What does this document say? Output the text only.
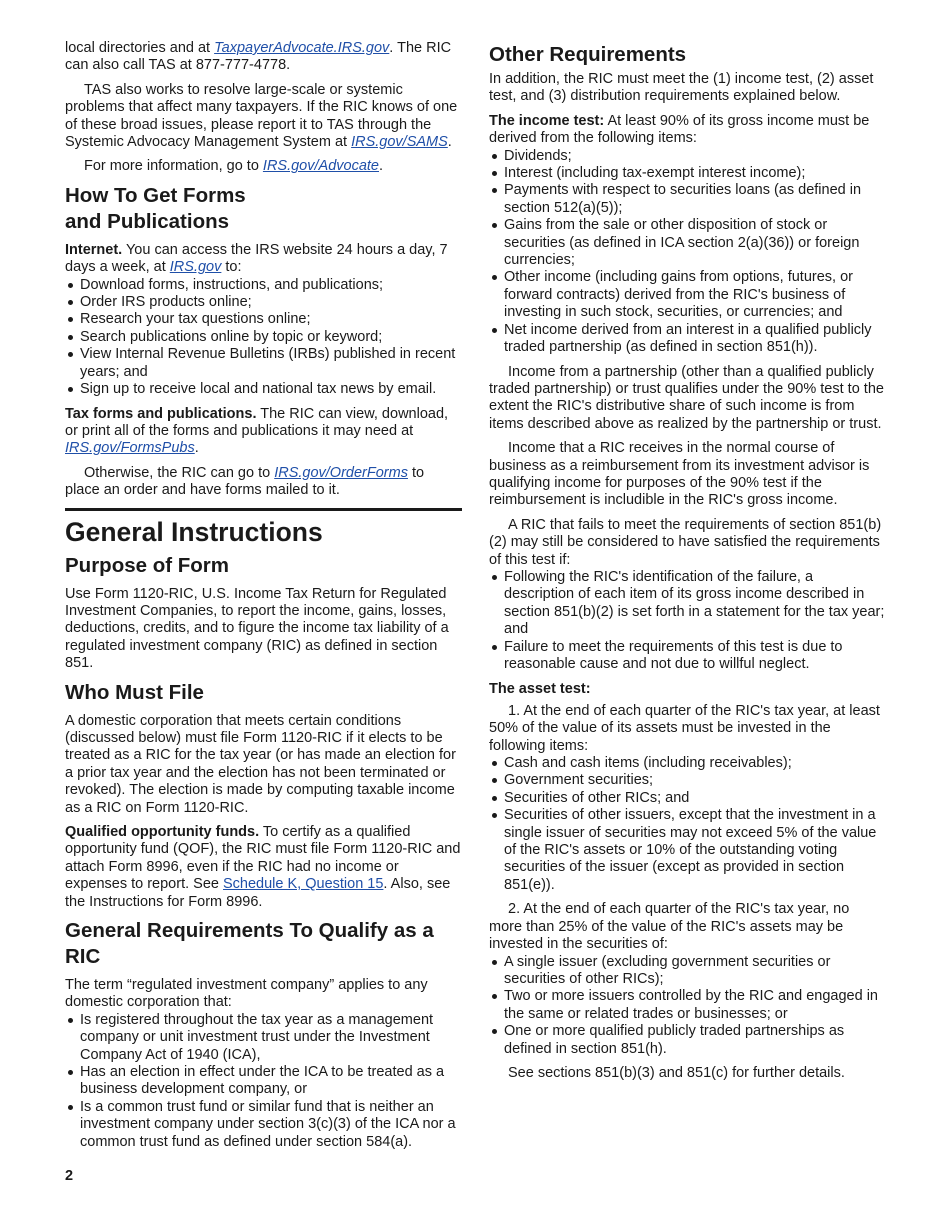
local directories and at TaxpayerAdvocate.IRS.gov. The RIC can also call TAS at 877-777-4778.

TAS also works to resolve large-scale or systemic problems that affect many taxpayers. If the RIC knows of one of these broad issues, please report it to TAS through the Systemic Advocacy Management System at IRS.gov/SAMS.

For more information, go to IRS.gov/Advocate.

How To Get Forms
and Publications

Internet. You can access the IRS website 24 hours a day, 7 days a week, at IRS.gov to:

Download forms, instructions, and publications;
Order IRS products online;
Research your tax questions online;
Search publications online by topic or keyword;
View Internal Revenue Bulletins (IRBs) published in recent years; and
Sign up to receive local and national tax news by email.

Tax forms and publications. The RIC can view, download, or print all of the forms and publications it may need at IRS.gov/FormsPubs.

Otherwise, the RIC can go to IRS.gov/OrderForms to place an order and have forms mailed to it.

General Instructions
Purpose of Form

Use Form 1120-RIC, U.S. Income Tax Return for Regulated Investment Companies, to report the income, gains, losses, deductions, credits, and to figure the income tax liability of a regulated investment company (RIC) as defined in section 851.

Who Must File

A domestic corporation that meets certain conditions (discussed below) must file Form 1120-RIC if it elects to be treated as a RIC for the tax year (or has made an election for a prior tax year and the election has not been terminated or revoked). The election is made by computing taxable income as a RIC on Form 1120-RIC.

Qualified opportunity funds. To certify as a qualified opportunity fund (QOF), the RIC must file Form 1120-RIC and attach Form 8996, even if the RIC had no income or expenses to report. See Schedule K, Question 15. Also, see the Instructions for Form 8996.

General Requirements To Qualify as a RIC

The term “regulated investment company” applies to any domestic corporation that:

Is registered throughout the tax year as a management company or unit investment trust under the Investment Company Act of 1940 (ICA),
Has an election in effect under the ICA to be treated as a business development company, or
Is a common trust fund or similar fund that is neither an investment company under section 3(c)(3) of the ICA nor a common trust fund as defined under section 584(a).
Other Requirements

In addition, the RIC must meet the (1) income test, (2) asset test, and (3) distribution requirements explained below.

The income test: At least 90% of its gross income must be derived from the following items:

Dividends;
Interest (including tax-exempt interest income);
Payments with respect to securities loans (as defined in section 512(a)(5));
Gains from the sale or other disposition of stock or securities (as defined in ICA section 2(a)(36)) or foreign currencies;
Other income (including gains from options, futures, or forward contracts) derived from the RIC's business of investing in such stock, securities, or currencies; and
Net income derived from an interest in a qualified publicly traded partnership (as defined in section 851(h)).

Income from a partnership (other than a qualified publicly traded partnership) or trust qualifies under the 90% test to the extent the RIC's distributive share of such income is from items described above as realized by the partnership or trust.

Income that a RIC receives in the normal course of business as a reimbursement from its investment advisor is qualifying income for purposes of the 90% test if the reimbursement is includible in the RIC's gross income.

A RIC that fails to meet the requirements of section 851(b)(2) may still be considered to have satisfied the requirements of this test if:

Following the RIC's identification of the failure, a description of each item of its gross income described in section 851(b)(2) is set forth in a statement for the tax year; and
Failure to meet the requirements of this test is due to reasonable cause and not due to willful neglect.
The asset test:

1. At the end of each quarter of the RIC's tax year, at least 50% of the value of its assets must be invested in the following items:

Cash and cash items (including receivables);
Government securities;
Securities of other RICs; and
Securities of other issuers, except that the investment in a single issuer of securities may not exceed 5% of the value of the RIC's assets or 10% of the outstanding voting securities of the issuer (except as provided in section 851(e)).

2. At the end of each quarter of the RIC's tax year, no more than 25% of the value of the RIC's assets may be invested in the securities of:

A single issuer (excluding government securities or securities of other RICs);
Two or more issuers controlled by the RIC and engaged in the same or related trades or businesses; or
One or more qualified publicly traded partnerships as defined in section 851(h).

See sections 851(b)(3) and 851(c) for further details.

2
